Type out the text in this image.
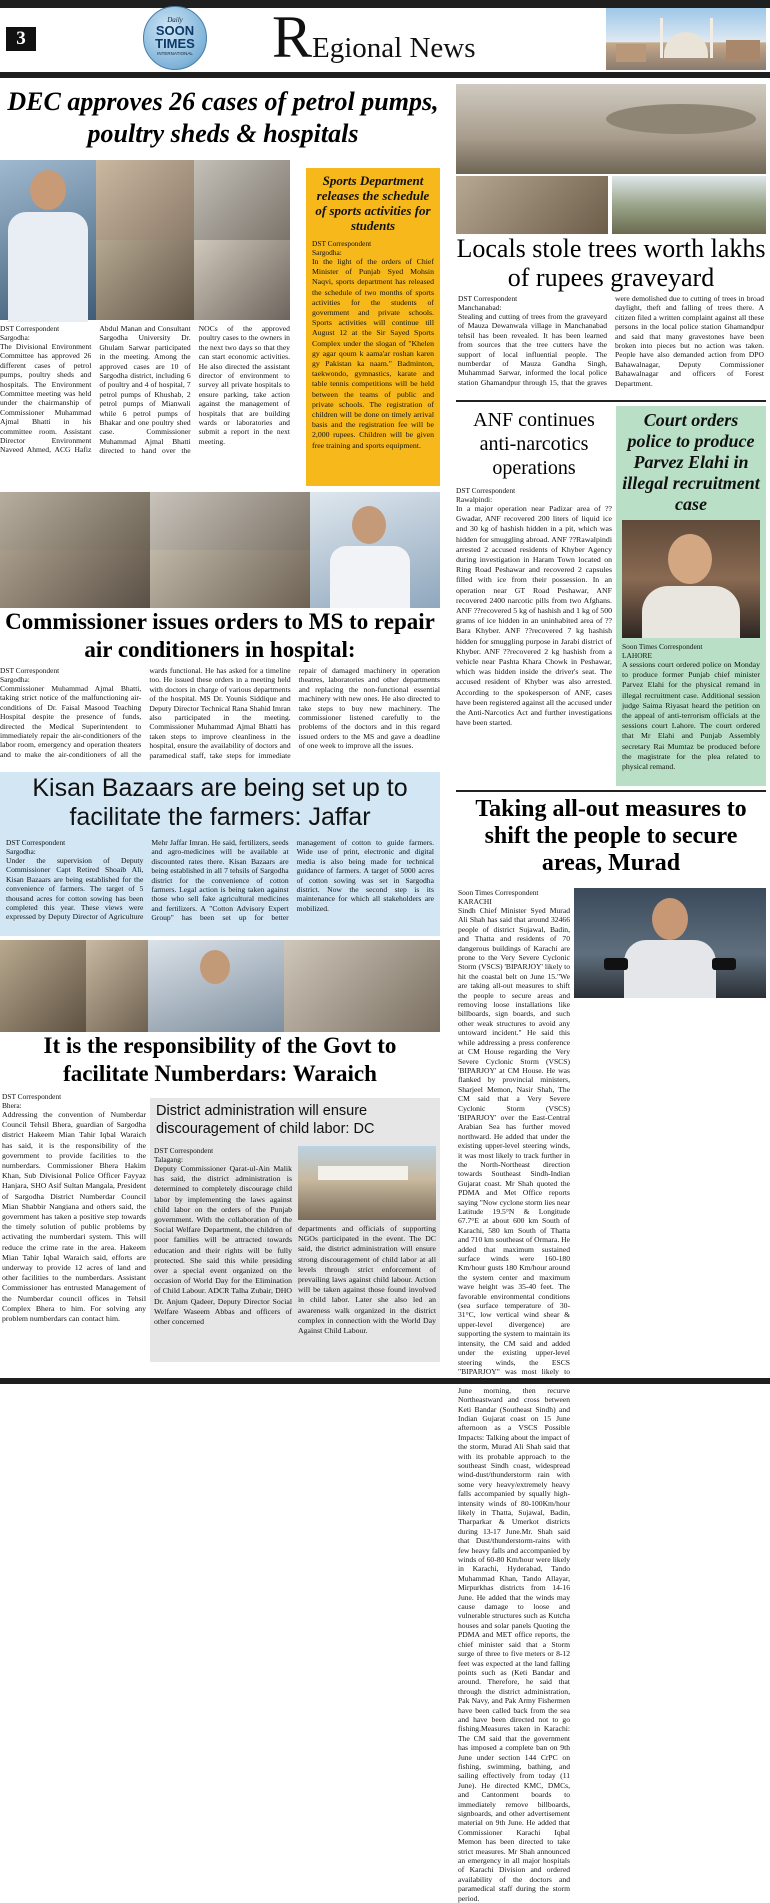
3
Daily
SOON
TIMES
INTERNATIONAL REgional News
DEC approves 26 cases of petrol pumps, poultry sheds & hospitals
DST Correspondent
Sargodha:
The Divisional Environment Committee has approved 26 different cases of petrol pumps, poultry sheds and hospitals. The Environment Committee meeting was held under the chairmanship of Commissioner Muhammad Ajmal Bhatti in his committee room. Assistant Director Environment Naveed Ahmed, ACG Hafiz Abdul Manan and Consultant Sargodha University Dr. Ghulam Sarwar participated in the meeting. Among the approved cases are 10 of Sargodha district, including 6 of poultry and 4 of hospital, 7 petrol pumps of Khushab, 2 petrol pumps of Mianwali while 6 petrol pumps of Bhakar and one poultry shed case. Commissioner Muhammad Ajmal Bhatti directed to hand over the NOCs of the approved poultry cases to the owners in the next two days so that they can start economic activities. He also directed the assistant director of environment to survey all private hospitals to ensure parking, take action against the management of hospitals that are building wards or laboratories and submit a report in the next meeting.
Sports Department releases the schedule of sports activities for students
DST Correspondent
Sargodha:
In the light of the orders of Chief Minister of Punjab Syed Mohsin Naqvi, sports department has released the schedule of two months of sports activities for the students of government and private schools. Sports activities will continue till August 12 at the Sir Sayed Sports Complex under the slogan of "Khelen gy agar qoum k aama'ar roshan karen gy Pakistan ka naam." Badminton, taekwondo, gymnastics, karate and table tennis competitions will be held between the teams of public and private schools. The registration of children will be done on timely arrival basis and the registration fee will be 2,000 rupees. Children will be given free training and sports equipment.
Locals stole trees worth lakhs of rupees graveyard
DST Correspondent
Manchanabad:
Stealing and cutting of trees from the graveyard of Mauza Dewanwala village in Manchanabad tehsil has been revealed. It has been learned from sources that the tree cutters have the support of local influential people. The numberdar of Mauza Gandha Singh, Muhammad Sarwar, informed the local police station Ghamandpur through 15, that the graves were demolished due to cutting of trees in broad daylight, theft and falling of trees there. A citizen filed a written complaint against all these persons in the local police station Ghamandpur and said that many gravestones have been broken into pieces but no action was taken. People have also demanded action from DPO Bahawalnagar, Deputy Commissioner Bahawalnagar and officers of Forest Department.
Commissioner issues orders to MS to repair air conditioners in hospital:
DST Correspondent
Sargodha:
Commissioner Muhammad Ajmal Bhatti, taking strict notice of the malfunctioning air-conditions of Dr. Faisal Masood Teaching Hospital despite the presence of funds, directed the Medical Superintendent to immediately repair the air-conditioners of the labor room, emergency and operation theaters and to make the air-conditioners of all the wards functional. He has asked for a timeline too. He issued these orders in a meeting held with doctors in charge of various departments of the hospital. MS Dr. Younis Siddique and Deputy Director Technical Rana Shahid Imran also participated in the meeting. Commissioner Muhammad Ajmal Bhatti has taken steps to improve cleanliness in the hospital, ensure the availability of doctors and paramedical staff, take steps for immediate repair of damaged machinery in operation theatres, laboratories and other departments and replacing the non-functional essential machinery with new ones. He also directed to take steps to buy new machinery. The commissioner listened carefully to the problems of the doctors and in this regard issued orders to the MS and gave a deadline of one week to improve all the issues.
ANF continues anti-narcotics operations
DST Correspondent
Rawalpindi:
In a major operation near Padizar area of ??Gwadar, ANF recovered 200 liters of liquid ice and 30 kg of hashish hidden in a pit, which was hidden for smuggling abroad. ANF ??Rawalpindi arrested 2 accused residents of Khyber Agency during investigation in Haram Town located on Ring Road Peshawar and recovered 2 capsules filled with ice from their possession. In an operation near GT Road Peshawar, ANF recovered 2400 narcotic pills from two Afghans. ANF ??recovered 5 kg of hashish and 1 kg of 500 grams of ice hidden in an uninhabited area of ??Bara Khyber. ANF ??recovered 7 kg hashish hidden for smuggling purpose in Jarabi district of Khyber. ANF ??recovered 2 kg hashish from a vehicle near Pashta Khara Chowk in Peshawar, which was hidden inside the driver's seat. The accused resident of Khyber was also arrested. According to the spokesperson of ANF, cases have been registered against all the accused under the Anti-Narcotics Act and further investigations have been started.
Court orders police to produce Parvez Elahi in illegal recruitment case
Soon Times Correspondent
LAHORE
A sessions court ordered police on Monday to produce former Punjab chief minister Parvez Elahi for the physical remand in illegal recruitment case. Additional session judge Saima Riyasat heard the petition on the appeal of anti-terrorism officials at the sessions court Lahore. The court ordered that Mr Elahi and Punjab Assembly secretary Rai Mumtaz be produced before the magistrate for the plea related to physical remand.
Kisan Bazaars are being set up to facilitate the farmers: Jaffar
DST Correspondent
Sargodha:
Under the supervision of Deputy Commissioner Capt Retired Shoaib Ali, Kisan Bazaars are being established for the convenience of farmers. The target of 5 thousand acres for cotton sowing has been completed this year. These views were expressed by Deputy Director of Agriculture Mehr Jaffar Imran. He said, fertilizers, seeds and agro-medicines will be available at discounted rates there. Kisan Bazaars are being established in all 7 tehsils of Sargodha district for the convenience of cotton farmers. Legal action is being taken against those who sell fake agricultural medicines and fertilizers. A "Cotton Advisory Expert Group" has been set up for better management of cotton to guide farmers. Wide use of print, electronic and digital media is also being made for technical guidance of farmers. A target of 5000 acres of cotton sowing was set in Sargodha district. Now the second step is its maintenance for which all stakeholders are mobilized.
Taking all-out measures to shift the people to secure areas, Murad
Soon Times Correspondent
KARACHI
Sindh Chief Minister Syed Murad Ali Shah has said that around 32466 people of district Sujawal, Badin, and Thatta and residents of 70 dangerous buildings of Karachi are prone to the Very Severe Cyclonic Storm (VSCS) 'BIPARJOY' likely to hit the coastal belt on June 15."We are taking all-out measures to shift the people to secure areas and removing loose installations like billboards, sign boards, and such other weak structures to avoid any untoward incident." He said this while addressing a press conference at CM House regarding the Very Severe Cyclonic Storm (VSCS) 'BIPARJOY' at CM House. He was flanked by provincial ministers, Sharjeel Memon, Nasir Shah, The CM said that a Very Severe Cyclonic Storm (VSCS) 'BIPARJOY' over the East-Central Arabian Sea has further moved northward. He added that under the existing upper-level steering winds, it was most likely to track further in the North-Northeast direction towards Southeast Sindh-Indian Gujarat coast. Mr Shah quoted the PDMA and Met Office reports saying "Now cyclone storm lies near Latitude 19.5°N & Longitude 67.7°E at about 600 km South of Karachi, 580 km South of Thatta and 710 km southeast of Ormara. He added that maximum sustained surface winds were 160-180 Km/hour gusts 180 Km/hour around the system center and maximum wave height was 35-40 feet. The favorable environmental conditions (sea surface temperature of 30-31°C, low vertical wind shear & upper-level divergence) are supporting the system to maintain its intensity, the CM said and added under the existing upper-level steering winds, the ESCS "BIPARJOY" was most likely to June morning, then recurve Northeastward and cross between Keti Bandar (Southeast Sindh) and Indian Gujarat coast on 15 June afternoon as a VSCS Possible Impacts: Talking about the impact of the storm, Murad Ali Shah said that with its probable approach to the southeast Sindh coast, widespread wind-dust/thunderstorm rain with some very heavy/extremely heavy falls accompanied by squally high-intensity winds of 80-100Km/hour likely in Thatta, Sujawal, Badin, Tharparkar & Umerkot districts during 13-17 June.Mr. Shah said that Dust/thunderstorm-rains with few heavy falls and accompanied by winds of 60-80 Km/hour were likely in Karachi, Hyderabad, Tando Muhammad Khan, Tando Allayar, Mirpurkhas districts from 14-16 June. He added that the winds may cause damage to loose and vulnerable structures such as Kutcha houses and solar panels Quoting the PDMA and MET office reports, the chief minister said that a Storm surge of three to five meters or 8-12 feet was expected at the land falling points such as (Keti Bandar and around. Therefore, he said that through the district administration, Pak Navy, and Pak Army Fishermen have been called back from the sea and have been directed not to go fishing.Measures taken in Karachi: The CM said that the government has imposed a complete ban on 9th June under section 144 CrPC on fishing, swimming, bathing, and sailing effectively from today (11 June). He directed KMC, DMCs, and Cantonment boards to immediately remove billboards, signboards, and other advertisement material on 9th June. He added that Commissioner Karachi Iqbal Memon has been directed to take strict measures. Mr Shah announced an emergency in all major hospitals of Karachi Division and ordered availability of the doctors and paramedical staff during the storm period.
It is the responsibility of the Govt to facilitate Numberdars: Waraich
DST Correspondent
Bhera:
Addressing the convention of Numberdar Council Tehsil Bhera, guardian of Sargodha district Hakeem Mian Tahir Iqbal Waraich has said, it is the responsibility of the government to provide facilities to the numberdars. Commissioner Bhera Hakim Khan, Sub Divisional Police Officer Fayyaz Hanjara, SHO Asif Sultan Mangala, President of Sargodha District Numberdar Council Mian Shabbir Nangiana and others said, the government has taken a positive step towards the timely solution of public problems by activating the numberdari system. This will reduce the crime rate in the area. Hakeem Mian Tahir Iqbal Waraich said, efforts are underway to provide 12 acres of land and other facilities to the numberdars. Assistant Commissioner has entrusted Management of the Numberdar council offices in Tehsil Complex Bhera to him. For solving any problem numberdars can contact him.
District administration will ensure discouragement of child labor: DC
DST Correspondent
Talagang:
Deputy Commissioner Qarat-ul-Ain Malik has said, the district administration is determined to completely discourage child labor by implementing the laws against child labor on the orders of the Punjab government. With the collaboration of the Social Welfare Department, the children of poor families will be attracted towards education and their rights will be fully protected. She said this while presiding over a special event organized on the occasion of World Day for the Elimination of Child Labour. ADCR Talha Zubair, DHO Dr. Anjum Qadeer, Deputy Director Social Welfare Waseem Abbas and officers of other concerned
departments and officials of supporting NGOs participated in the event. The DC said, the district administration will ensure strong discouragement of child labor at all levels through strict enforcement of prevailing laws against child labour. Action will be taken against those found involved in child labor. Later she also led an awareness walk organized in the district complex in connection with the World Day Against Child Labour.
